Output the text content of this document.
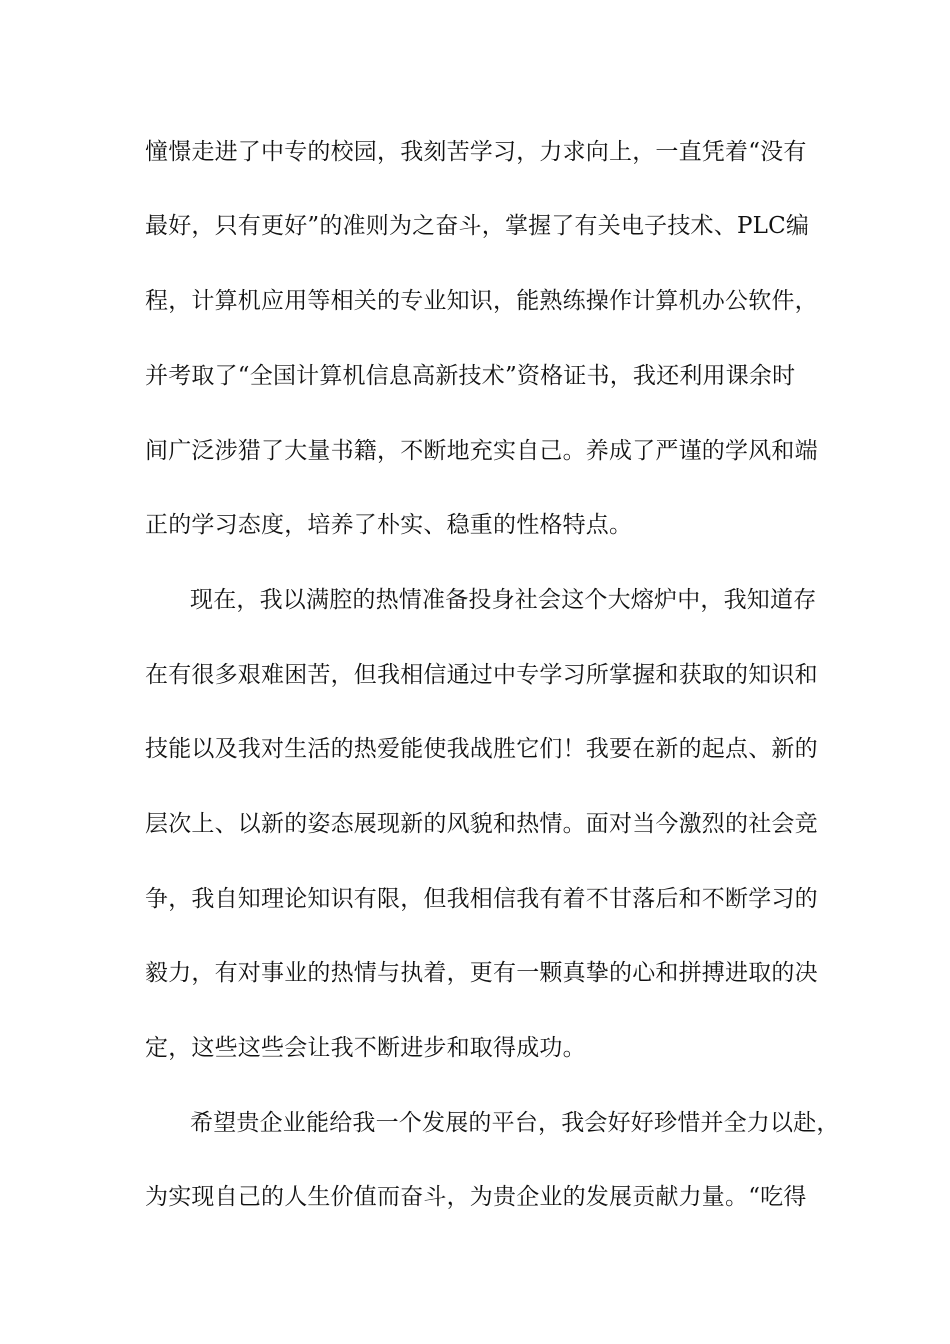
憧憬走进了中专的校园，我刻苦学习，力求向上，一直凭着“没有
最好，只有更好”的准则为之奋斗，掌握了有关电子技术、PLC编
程，计算机应用等相关的专业知识，能熟练操作计算机办公软件，
并考取了“全国计算机信息高新技术”资格证书，我还利用课余时
间广泛涉猎了大量书籍，不断地充实自己。养成了严谨的学风和端
正的学习态度，培养了朴实、稳重的性格特点。
现在，我以满腔的热情准备投身社会这个大熔炉中，我知道存
在有很多艰难困苦，但我相信通过中专学习所掌握和获取的知识和
技能以及我对生活的热爱能使我战胜它们！我要在新的起点、新的
层次上、以新的姿态展现新的风貌和热情。面对当今激烈的社会竞
争，我自知理论知识有限，但我相信我有着不甘落后和不断学习的
毅力，有对事业的热情与执着，更有一颗真挚的心和拼搏进取的决
定，这些这些会让我不断进步和取得成功。
希望贵企业能给我一个发展的平台，我会好好珍惜并全力以赴，
为实现自己的人生价值而奋斗，为贵企业的发展贡献力量。“吃得
